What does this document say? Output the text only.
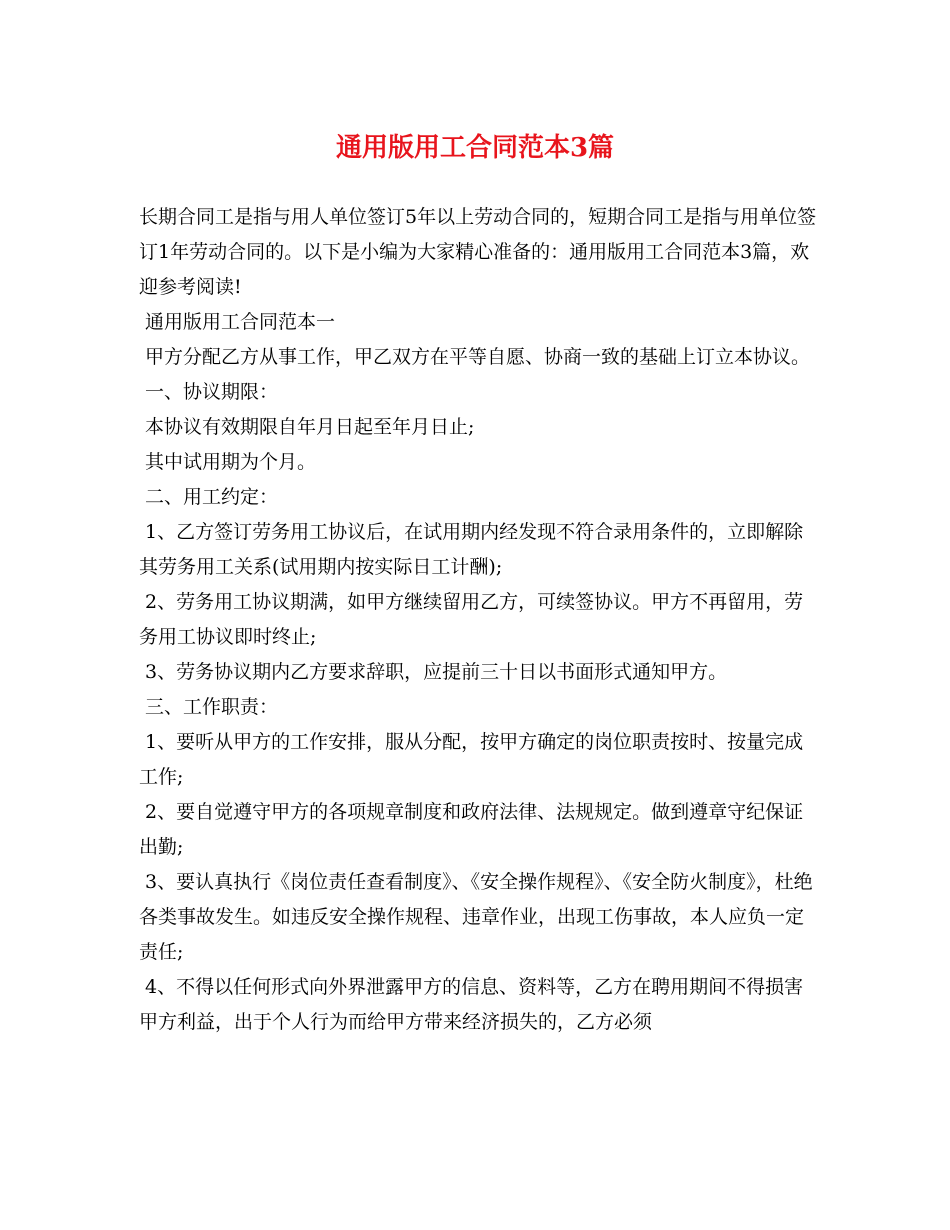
通用版用工合同范本3篇

长期合同工是指与用人单位签订5年以上劳动合同的，短期合同工是指与用单位签订1年劳动合同的。以下是小编为大家精心准备的：通用版用工合同范本3篇，欢迎参考阅读!

通用版用工合同范本一

甲方分配乙方从事工作，甲乙双方在平等自愿、协商一致的基础上订立本协议。

一、协议期限：

本协议有效期限自年月日起至年月日止;

其中试用期为个月。

二、用工约定：

1、乙方签订劳务用工协议后，在试用期内经发现不符合录用条件的，立即解除其劳务用工关系(试用期内按实际日工计酬);

2、劳务用工协议期满，如甲方继续留用乙方，可续签协议。甲方不再留用，劳务用工协议即时终止;

3、劳务协议期内乙方要求辞职，应提前三十日以书面形式通知甲方。

三、工作职责：

1、要听从甲方的工作安排，服从分配，按甲方确定的岗位职责按时、按量完成工作;

2、要自觉遵守甲方的各项规章制度和政府法律、法规规定。做到遵章守纪保证出勤;

3、要认真执行《岗位责任查看制度》、《安全操作规程》、《安全防火制度》，杜绝各类事故发生。如违反安全操作规程、违章作业，出现工伤事故，本人应负一定责任;

4、不得以任何形式向外界泄露甲方的信息、资料等，乙方在聘用期间不得损害甲方利益，出于个人行为而给甲方带来经济损失的，乙方必须
